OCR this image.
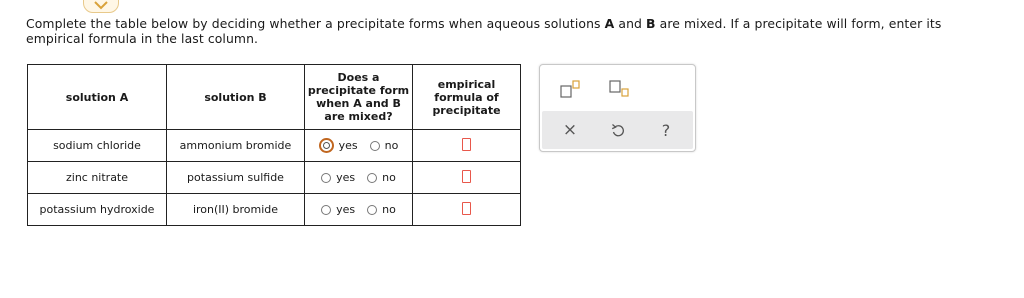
Complete the table below by deciding whether a precipitate forms when aqueous solutions A and B are mixed. If a precipitate will form, enter its empirical formula in the last column.
solution A	solution B	Does a
precipitate form
when A and B
are mixed?	empirical
formula of
precipitate
sodium chloride	ammonium bromide	yes no	

zinc nitrate	potassium sulfide	yes no	

potassium hydroxide	iron(II) bromide	yes no	

×	?
